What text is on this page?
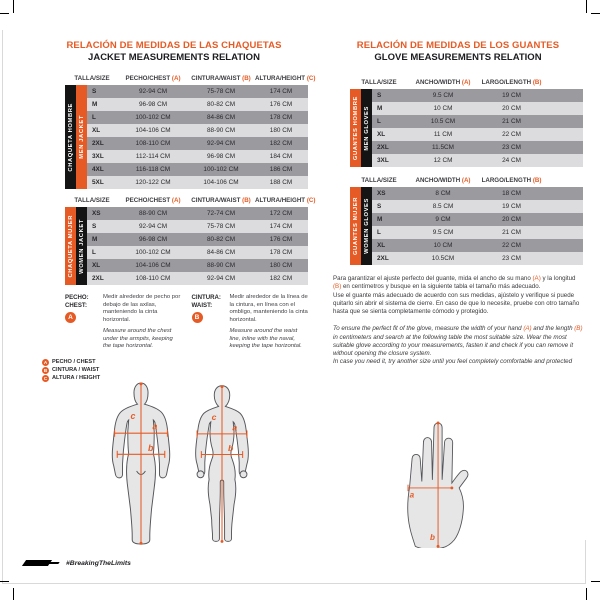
RELACIÓN DE MEDIDAS DE LAS CHAQUETAS
JACKET MEASUREMENTS RELATION
TALLA/SIZE	PECHO/CHEST (A)	CINTURA/WAIST (B) ALTURA/HEIGHT (C)
CHAQUETA HOMBRE MEN JACKET
S	92-94 CM	75-78 CM	174 CM
M	96-98 CM	80-82 CM	176 CM
L	100-102 CM	84-86 CM	178 CM
XL	104-106 CM	88-90 CM	180 CM
2XL	108-110 CM	92-94 CM	182 CM
3XL	112-114 CM	96-98 CM	184 CM
4XL	116-118 CM	100-102 CM	186 CM
5XL	120-122 CM	104-106 CM	188 CM
TALLA/SIZE	PECHO/CHEST (A)	CINTURA/WAIST (B) ALTURA/HEIGHT (C)
CHAQUETA MUJER WOMEN JACKET
XS	88-90 CM	72-74 CM	172 CM
S	92-94 CM	75-78 CM	174 CM
M	96-98 CM	80-82 CM	176 CM
L	100-102 CM	84-86 CM	178 CM
XL	104-106 CM	88-90 CM	180 CM
2XL	108-110 CM	92-94 CM	182 CM
PECHO:
CHEST:
A
Medir alrededor de pecho por debajo de las axilas, manteniendo la cinta horizontal.
Measure around the chest under the armpits, keeping the tape horizontal.
CINTURA:
WAIST:
B
Medir alrededor de la línea de la cintura, en línea con el ombligo, manteniendo la cinta horizontal.
Measure around the waist line, inline with the naval, keeping the tape horizontal.
A PECHO / CHEST
B CINTURA / WAIST
C ALTURA / HEIGHT
a
b
c
a
b
c
RELACIÓN DE MEDIDAS DE LOS GUANTES
GLOVE MEASUREMENTS RELATION
TALLA/SIZE	ANCHO/WIDTH (A)	LARGO/LENGTH (B)
GUANTES HOMBRE MEN GLOVES
S	9.5 CM	19 CM
M	10 CM	20 CM
L	10.5 CM	21 CM
XL	11 CM	22 CM
2XL	11.5CM	23 CM
3XL	12 CM	24 CM
TALLA/SIZE	ANCHO/WIDTH (A)	LARGO/LENGTH (B)
GUANTES MUJER WOMEN GLOVES
XS	8 CM	18 CM
S	8.5 CM	19 CM
M	9 CM	20 CM
L	9.5 CM	21 CM
XL	10 CM	22 CM
2XL	10.5CM	23 CM
Para garantizar el ajuste perfecto del guante, mida el ancho de su mano (A) y la longitud (B) en centímetros y busque en la siguiente tabla el tamaño más adecuado.
Use el guante más adecuado de acuerdo con sus medidas, ajústelo y verifique si puede quitarlo sin abrir el sistema de cierre. En caso de que lo necesite, pruebe con otro tamaño hasta que se sienta completamente cómodo y protegido.
To ensure the perfect fit of the glove, measure the width of your hand (A) and the length (B) in centimeters and search at the following table the most suitable size. Wear the most suitable glove according to your measurements, fasten it and check if you can remove it without opening the closure system.
In case you need it, try another size until you feel completely comfortable and protected
a
b
#BreakingTheLimits
